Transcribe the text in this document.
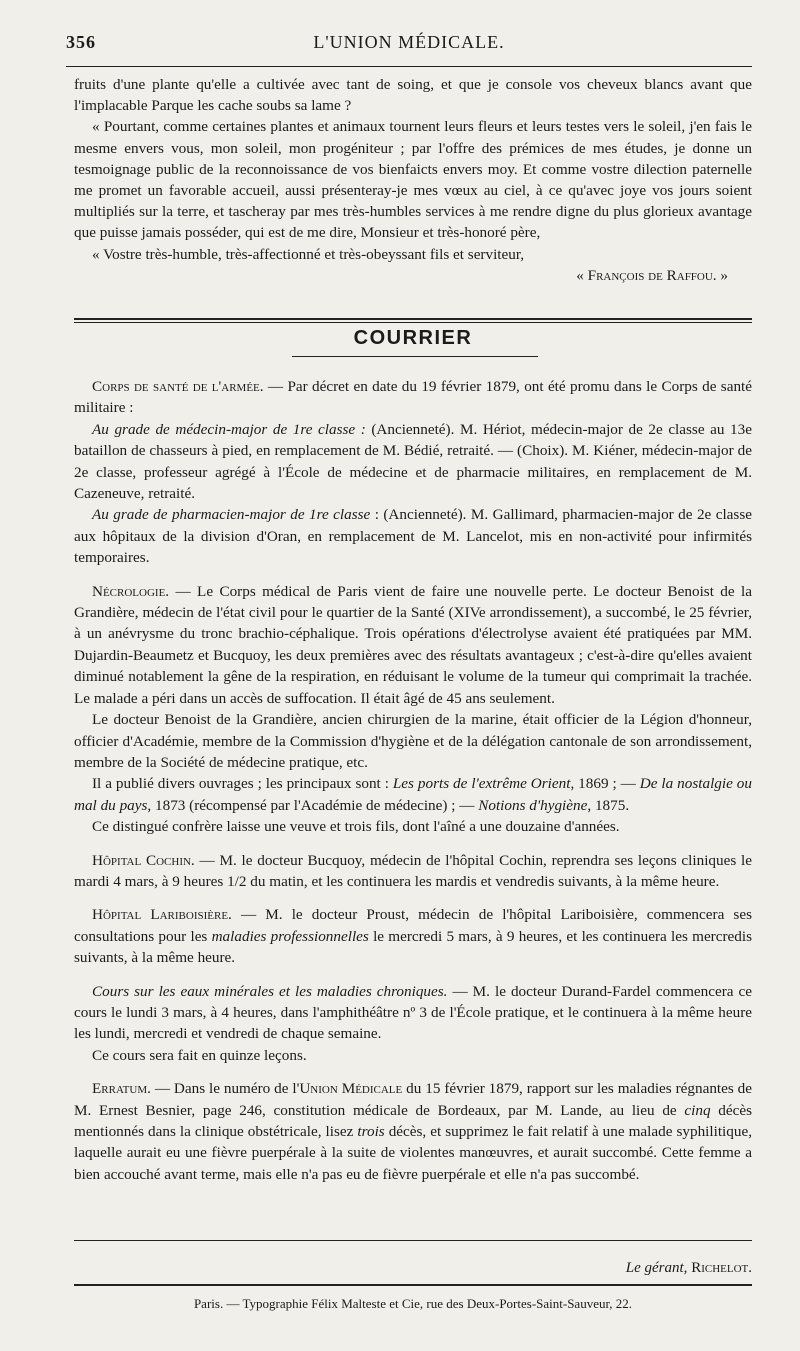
356	L'UNION MÉDICALE.

fruits d'une plante qu'elle a cultivée avec tant de soing, et que je console vos cheveux blancs avant que l'implacable Parque les cache soubs sa lame ?

« Pourtant, comme certaines plantes et animaux tournent leurs fleurs et leurs testes vers le soleil, j'en fais le mesme envers vous, mon soleil, mon progéniteur ; par l'offre des prémices de mes études, je donne un tesmoignage public de la reconnoissance de vos bienfaicts envers moy. Et comme vostre dilection paternelle me promet un favorable accueil, aussi présenteray-je mes vœux au ciel, à ce qu'avec joye vos jours soient multipliés sur la terre, et tascheray par mes très-humbles services à me rendre digne du plus glorieux avantage que puisse jamais posséder, qui est de me dire, Monsieur et très-honoré père,

« Vostre très-humble, très-affectionné et très-obeyssant fils et serviteur,

« François de Raffou. »

COURRIER

Corps de santé de l'armée. — Par décret en date du 19 février 1879, ont été promu dans le Corps de santé militaire :

Au grade de médecin-major de 1re classe : (Ancienneté). M. Hériot, médecin-major de 2e classe au 13e bataillon de chasseurs à pied, en remplacement de M. Bédié, retraité. — (Choix). M. Kiéner, médecin-major de 2e classe, professeur agrégé à l'École de médecine et de pharmacie militaires, en remplacement de M. Cazeneuve, retraité.

Au grade de pharmacien-major de 1re classe : (Ancienneté). M. Gallimard, pharmacien-major de 2e classe aux hôpitaux de la division d'Oran, en remplacement de M. Lancelot, mis en non-activité pour infirmités temporaires.

Nécrologie. — Le Corps médical de Paris vient de faire une nouvelle perte. Le docteur Benoist de la Grandière, médecin de l'état civil pour le quartier de la Santé (XIVe arrondissement), a succombé, le 25 février, à un anévrysme du tronc brachio-céphalique. Trois opérations d'électrolyse avaient été pratiquées par MM. Dujardin-Beaumetz et Bucquoy, les deux premières avec des résultats avantageux ; c'est-à-dire qu'elles avaient diminué notablement la gêne de la respiration, en réduisant le volume de la tumeur qui comprimait la trachée. Le malade a péri dans un accès de suffocation. Il était âgé de 45 ans seulement.

Le docteur Benoist de la Grandière, ancien chirurgien de la marine, était officier de la Légion d'honneur, officier d'Académie, membre de la Commission d'hygiène et de la délégation cantonale de son arrondissement, membre de la Société de médecine pratique, etc.

Il a publié divers ouvrages ; les principaux sont : Les ports de l'extrême Orient, 1869 ; — De la nostalgie ou mal du pays, 1873 (récompensé par l'Académie de médecine) ; — Notions d'hygiène, 1875.

Ce distingué confrère laisse une veuve et trois fils, dont l'aîné a une douzaine d'années.

Hôpital Cochin. — M. le docteur Bucquoy, médecin de l'hôpital Cochin, reprendra ses leçons cliniques le mardi 4 mars, à 9 heures 1/2 du matin, et les continuera les mardis et vendredis suivants, à la même heure.

Hôpital Lariboisière. — M. le docteur Proust, médecin de l'hôpital Lariboisière, commencera ses consultations pour les maladies professionnelles le mercredi 5 mars, à 9 heures, et les continuera les mercredis suivants, à la même heure.

Cours sur les eaux minérales et les maladies chroniques. — M. le docteur Durand-Fardel commencera ce cours le lundi 3 mars, à 4 heures, dans l'amphithéâtre nº 3 de l'École pratique, et le continuera à la même heure les lundi, mercredi et vendredi de chaque semaine.

Ce cours sera fait en quinze leçons.

Erratum. — Dans le numéro de l'Union Médicale du 15 février 1879, rapport sur les maladies régnantes de M. Ernest Besnier, page 246, constitution médicale de Bordeaux, par M. Lande, au lieu de cinq décès mentionnés dans la clinique obstétricale, lisez trois décès, et supprimez le fait relatif à une malade syphilitique, laquelle aurait eu une fièvre puerpérale à la suite de violentes manœuvres, et aurait succombé. Cette femme a bien accouché avant terme, mais elle n'a pas eu de fièvre puerpérale et elle n'a pas succombé.

Le gérant, Richelot.
Paris. — Typographie Félix Malteste et Cie, rue des Deux-Portes-Saint-Sauveur, 22.
